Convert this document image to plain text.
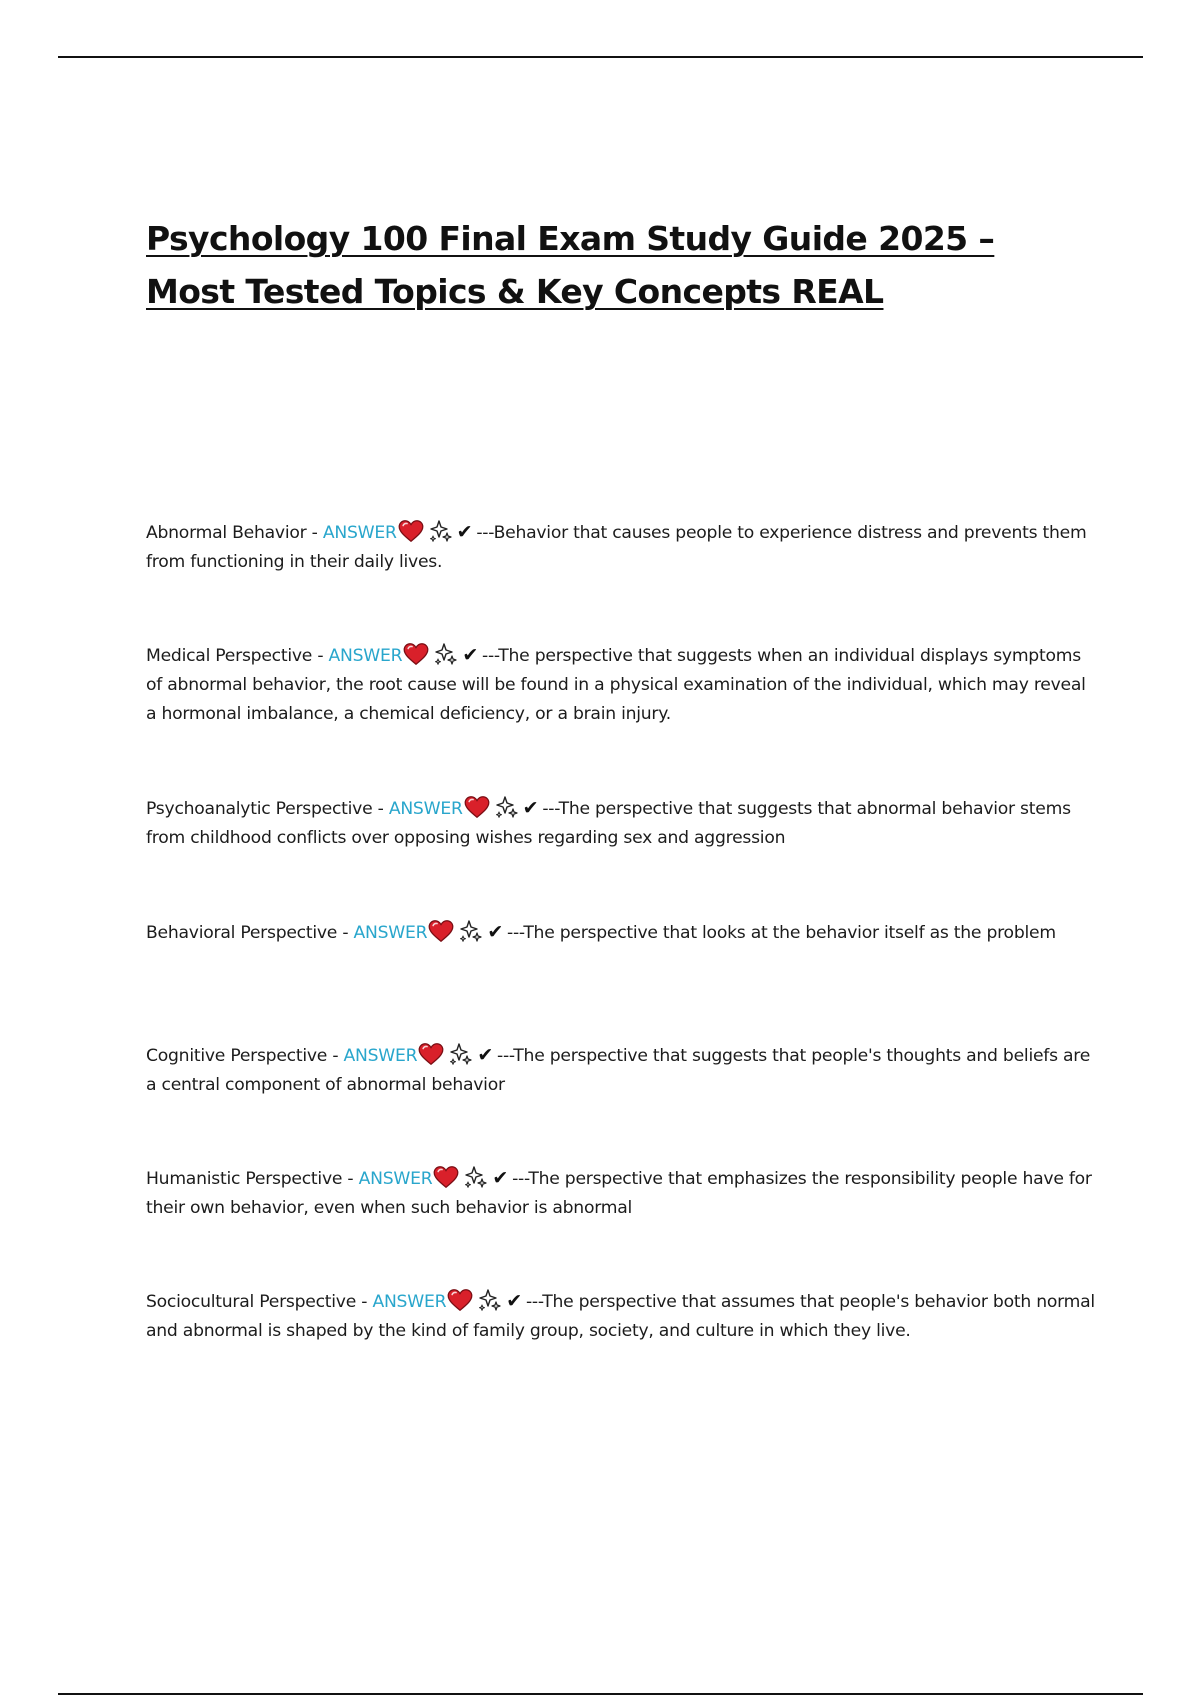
Psychology 100 Final Exam Study Guide 2025 – Most Tested Topics & Key Concepts REAL
Abnormal Behavior - ANSWER	✔ ---Behavior that causes people to experience distress and prevents them from functioning in their daily lives.
Medical Perspective - ANSWER	✔ ---The perspective that suggests when an individual displays symptoms of abnormal behavior, the root cause will be found in a physical examination of the individual, which may reveal a hormonal imbalance, a chemical deficiency, or a brain injury.
Psychoanalytic Perspective - ANSWER	✔ ---The perspective that suggests that abnormal behavior stems from childhood conflicts over opposing wishes regarding sex and aggression
Behavioral Perspective - ANSWER	✔ ---The perspective that looks at the behavior itself as the problem
Cognitive Perspective - ANSWER	✔ ---The perspective that suggests that people's thoughts and beliefs are a central component of abnormal behavior
Humanistic Perspective - ANSWER	✔ ---The perspective that emphasizes the responsibility people have for their own behavior, even when such behavior is abnormal
Sociocultural Perspective - ANSWER	✔ ---The perspective that assumes that people's behavior both normal and abnormal is shaped by the kind of family group, society, and culture in which they live.
